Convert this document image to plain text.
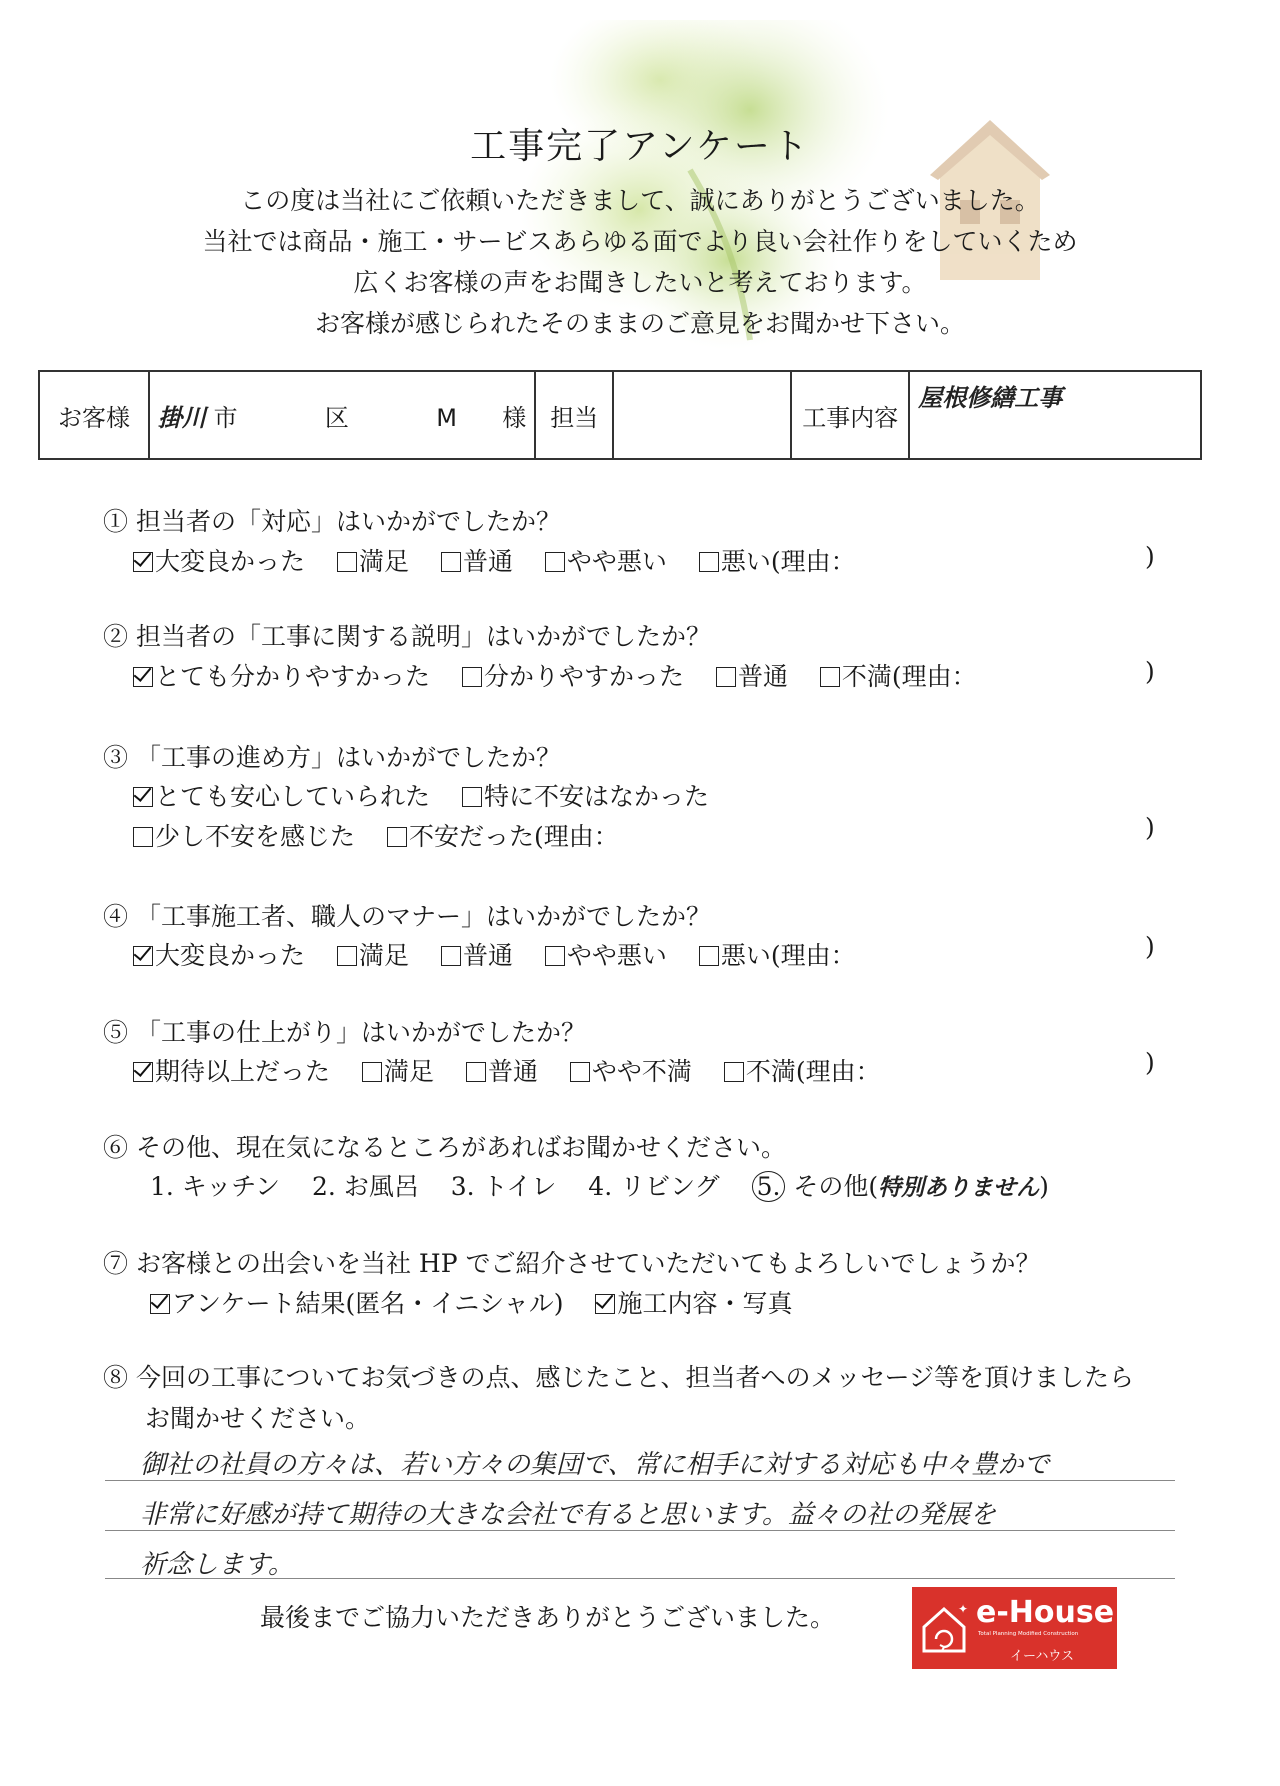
工事完了アンケート
この度は当社にご依頼いただきまして、誠にありがとうございました。
当社では商品・施工・サービスあらゆる面でより良い会社作りをしていくため
広くお客様の声をお聞きしたいと考えております。
お客様が感じられたそのままのご意見をお聞かせ下さい。
お客様	掛川 市	区	M 様	担当		工事内容	屋根修繕工事
① 担当者の「対応」はいかがでしたか？
大変良かった 満足 普通 やや悪い 悪い(理由：	)
② 担当者の「工事に関する説明」はいかがでしたか？
とても分かりやすかった 分かりやすかった 普通 不満(理由：	)
③ 「工事の進め方」はいかがでしたか？
とても安心していられた 特に不安はなかった
少し不安を感じた 不安だった(理由：	)
④ 「工事施工者、職人のマナー」はいかがでしたか？
大変良かった 満足 普通 やや悪い 悪い(理由：	)
⑤ 「工事の仕上がり」はいかがでしたか？
期待以上だった 満足 普通 やや不満 不満(理由：	)
⑥ その他、現在気になるところがあればお聞かせください。
1. キッチン 2. お風呂 3. トイレ 4. リビング 5. その他(特別ありません)
⑦ お客様との出会いを当社 HP でご紹介させていただいてもよろしいでしょうか？
アンケート結果(匿名・イニシャル) 施工内容・写真
⑧ 今回の工事についてお気づきの点、感じたこと、担当者へのメッセージ等を頂けましたら
お聞かせください。
御社の社員の方々は、若い方々の集団で、常に相手に対する対応も中々豊かで
非常に好感が持て期待の大きな会社で有ると思います。益々の社の発展を
祈念します。
最後までご協力いただきありがとうございました。	✦ e-House
Total Planning Modified Construction
イーハウス
